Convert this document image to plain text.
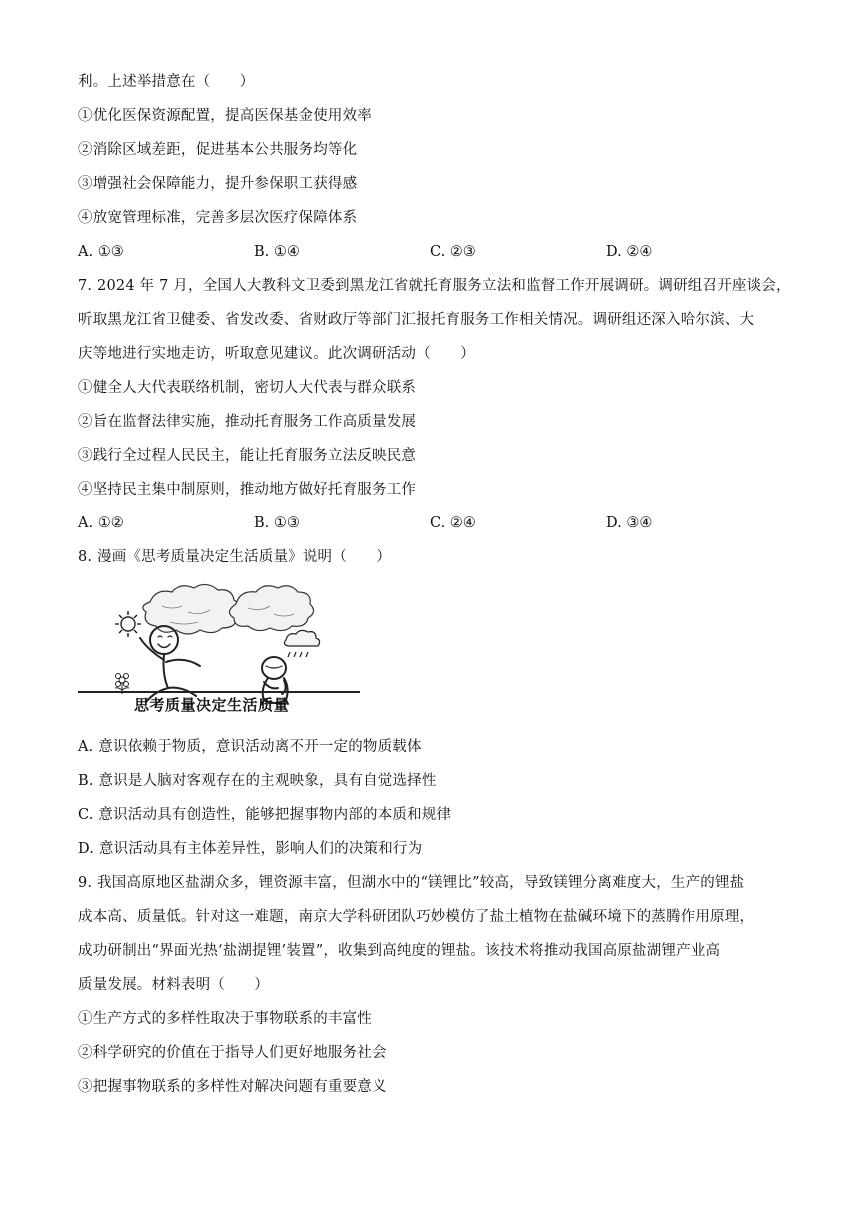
利。上述举措意在（　　）
①优化医保资源配置，提高医保基金使用效率
②消除区域差距，促进基本公共服务均等化
③增强社会保障能力，提升参保职工获得感
④放宽管理标准，完善多层次医疗保障体系
A. ①③	B. ①④	C. ②③	D. ②④
7. 2024 年 7 月，全国人大教科文卫委到黑龙江省就托育服务立法和监督工作开展调研。调研组召开座谈会，
听取黑龙江省卫健委、省发改委、省财政厅等部门汇报托育服务工作相关情况。调研组还深入哈尔滨、大
庆等地进行实地走访，听取意见建议。此次调研活动（　　）
①健全人大代表联络机制，密切人大代表与群众联系
②旨在监督法律实施，推动托育服务工作高质量发展
③践行全过程人民民主，能让托育服务立法反映民意
④坚持民主集中制原则，推动地方做好托育服务工作
A. ①②	B. ①③	C. ②④	D. ③④
8. 漫画《思考质量决定生活质量》说明（　　）
思考质量决定生活质量
A. 意识依赖于物质，意识活动离不开一定的物质载体
B. 意识是人脑对客观存在的主观映象，具有自觉选择性
C. 意识活动具有创造性，能够把握事物内部的本质和规律
D. 意识活动具有主体差异性，影响人们的决策和行为
9. 我国高原地区盐湖众多，锂资源丰富，但湖水中的“镁锂比”较高，导致镁锂分离难度大，生产的锂盐
成本高、质量低。针对这一难题，南京大学科研团队巧妙模仿了盐土植物在盐碱环境下的蒸腾作用原理，
成功研制出“界面光热‘盐湖提锂’装置”，收集到高纯度的锂盐。该技术将推动我国高原盐湖锂产业高
质量发展。材料表明（　　）
①生产方式的多样性取决于事物联系的丰富性
②科学研究的价值在于指导人们更好地服务社会
③把握事物联系的多样性对解决问题有重要意义
